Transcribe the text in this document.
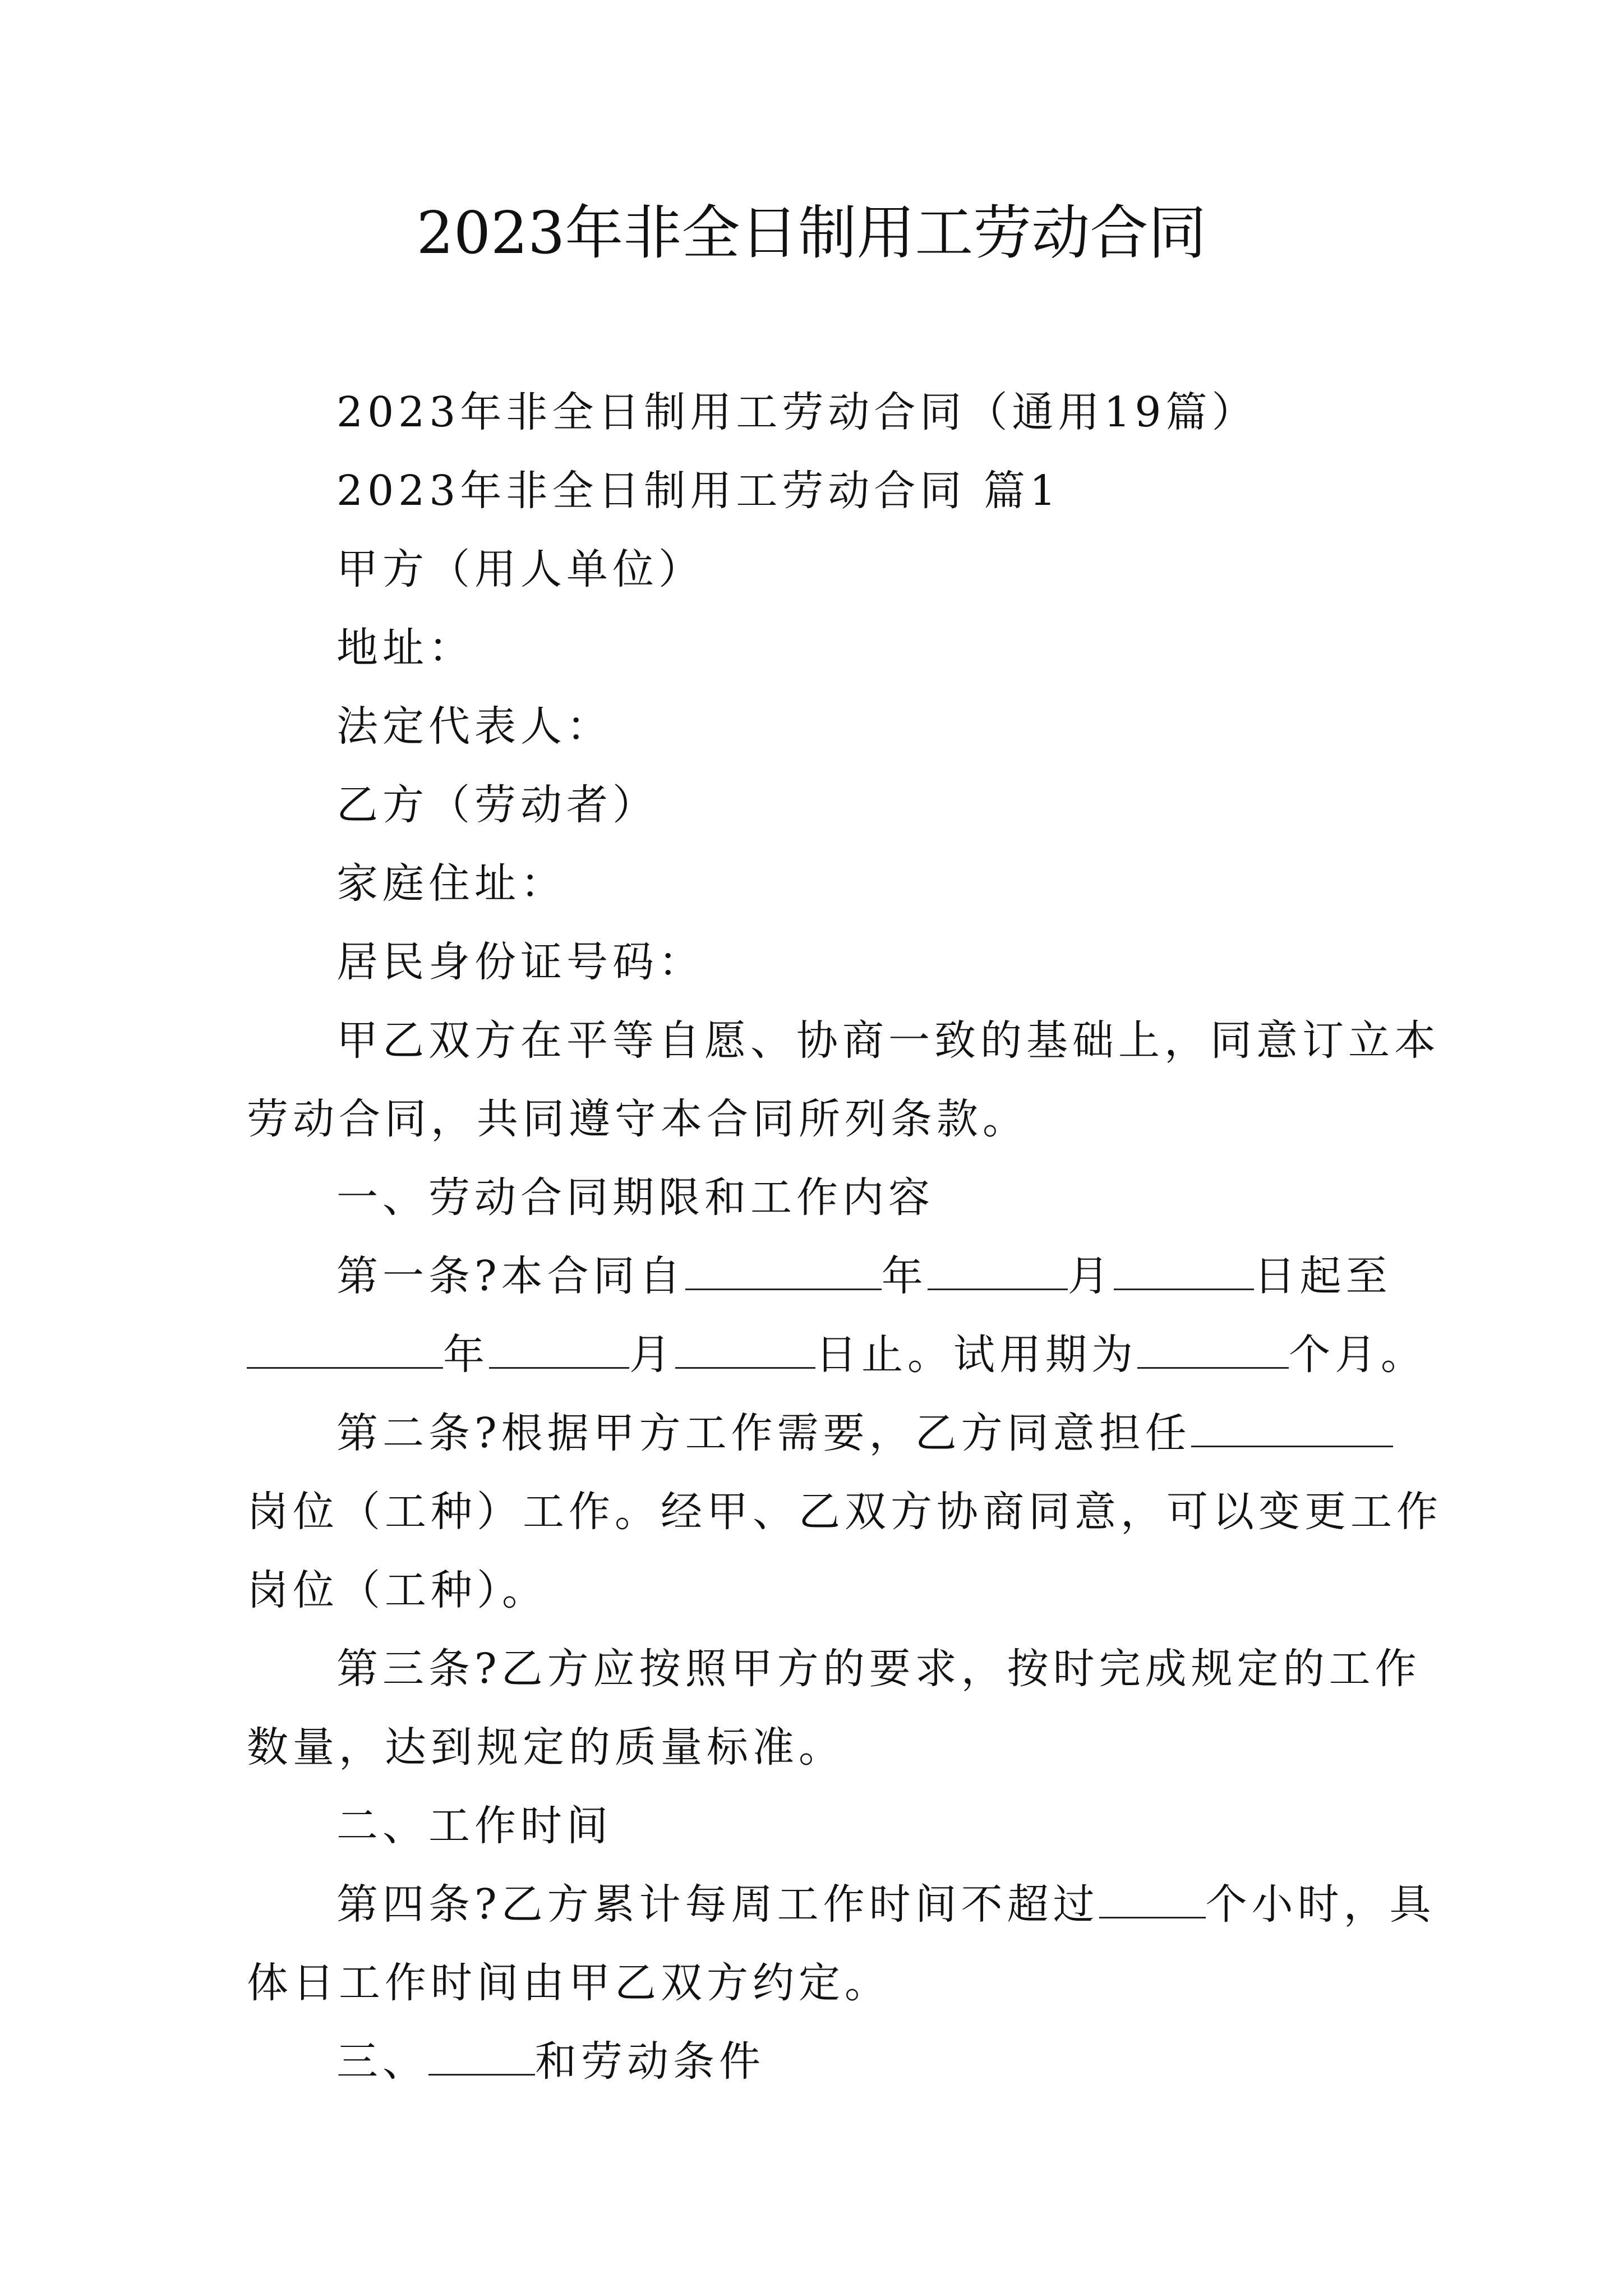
2023年非全日制用工劳动合同
2023年非全日制用工劳动合同（通用19篇）
2023年非全日制用工劳动合同 篇1
甲方（用人单位）
地址：
法定代表人：
乙方（劳动者）
家庭住址：
居民身份证号码：
甲乙双方在平等自愿、协商一致的基础上，同意订立本
劳动合同，共同遵守本合同所列条款。
一、劳动合同期限和工作内容
第一条?本合同自	年	月	日起至
年	月	日止。试用期为	个月。
第二条?根据甲方工作需要，乙方同意担任
岗位（工种）工作。经甲、乙双方协商同意，可以变更工作
岗位（工种）。
第三条?乙方应按照甲方的要求，按时完成规定的工作
数量，达到规定的质量标准。
二、工作时间
第四条?乙方累计每周工作时间不超过	个小时，具
体日工作时间由甲乙双方约定。
三、	和劳动条件
